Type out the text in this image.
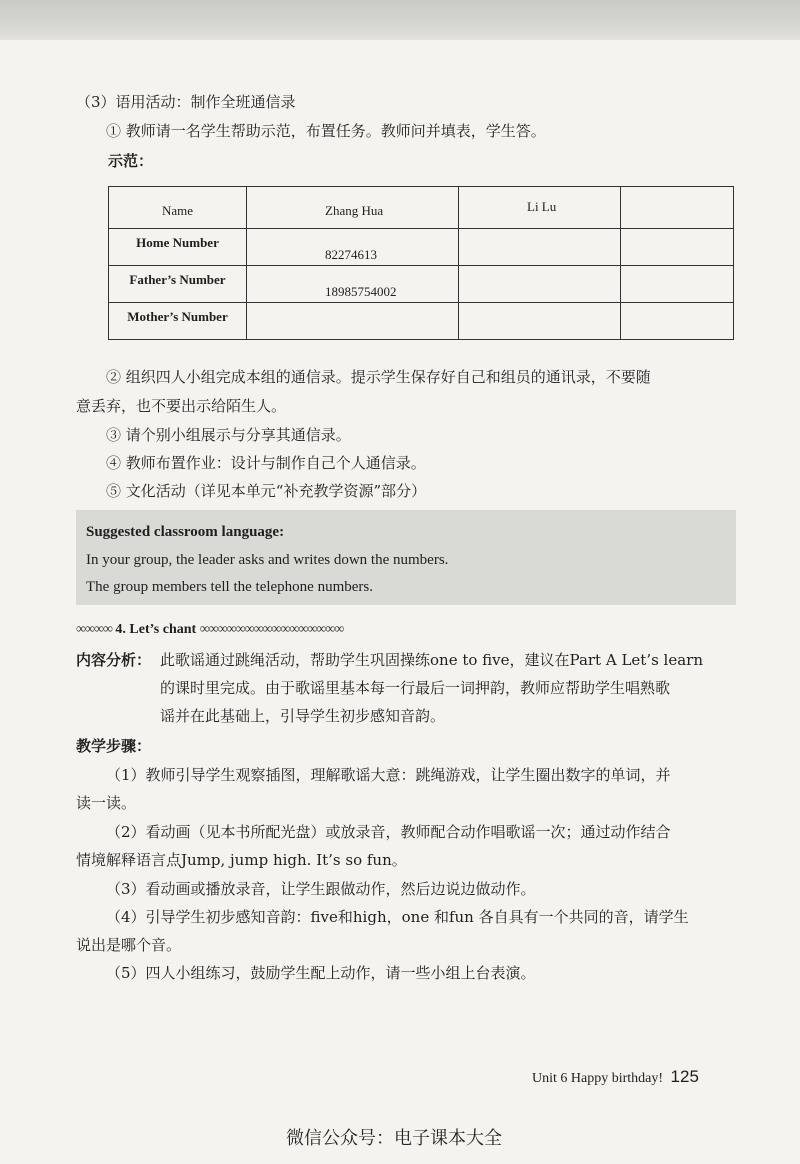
（3）语用活动：制作全班通信录
① 教师请一名学生帮助示范，布置任务。教师问并填表，学生答。
示范：
Name	Zhang Hua	Li Lu	

Home Number	82274613		

Father’s Number	18985754002		

Mother’s Number			

② 组织四人小组完成本组的通信录。提示学生保存好自己和组员的通讯录，不要随
意丢弃，也不要出示给陌生人。
③ 请个别小组展示与分享其通信录。
④ 教师布置作业：设计与制作自己个人通信录。
⑤ 文化活动（详见本单元“补充教学资源”部分）
Suggested classroom language:
In your group, the leader asks and writes down the numbers.
The group members tell the telephone numbers.
∞∞∞∞ 4. Let’s chant ∞∞∞∞∞∞∞∞∞∞∞∞∞∞∞∞
内容分析： 此歌谣通过跳绳活动，帮助学生巩固操练one to five，建议在Part A Let’s learn
的课时里完成。由于歌谣里基本每一行最后一词押韵，教师应帮助学生唱熟歌
谣并在此基础上，引导学生初步感知音韵。
教学步骤：
（1）教师引导学生观察插图，理解歌谣大意：跳绳游戏，让学生圈出数字的单词，并
读一读。
（2）看动画（见本书所配光盘）或放录音，教师配合动作唱歌谣一次；通过动作结合
情境解释语言点Jump, jump high. It’s so fun。
（3）看动画或播放录音，让学生跟做动作，然后边说边做动作。
（4）引导学生初步感知音韵：five和high，one 和fun 各自具有一个共同的音，请学生
说出是哪个音。
（5）四人小组练习，鼓励学生配上动作，请一些小组上台表演。
Unit 6 Happy birthday! 125
微信公众号：电子课本大全
